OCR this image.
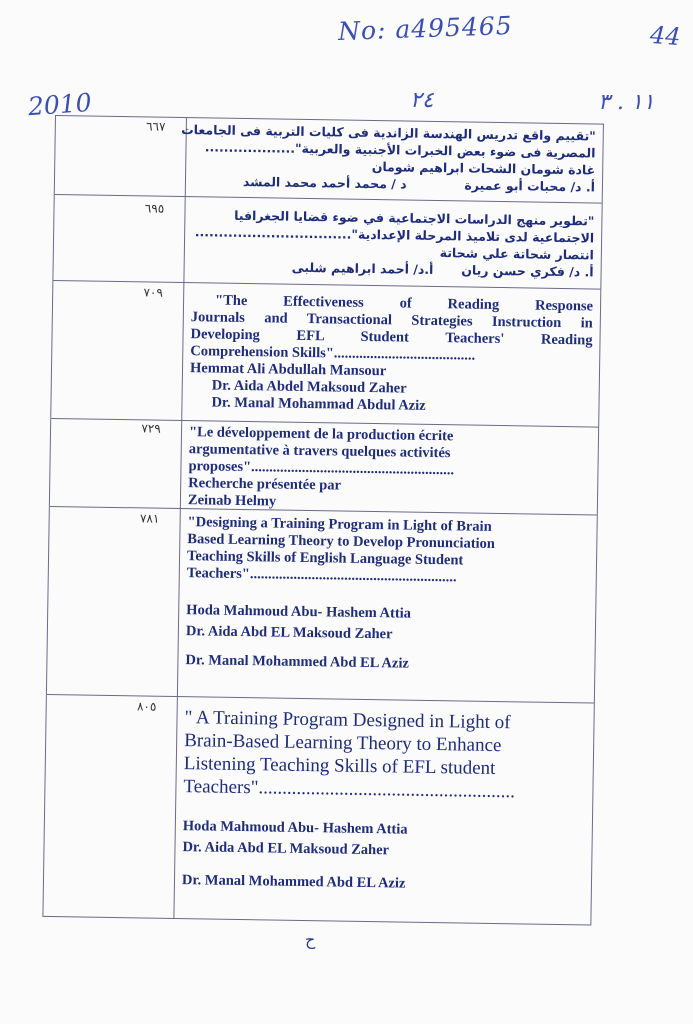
No: a495465	44
2010	٢٤	١١ . ٣
٦٦٧	"تقييم واقع تدريس الهندسة الزاندية فى كليات التربية فى الجامعات
المصرية فى ضوء بعض الخبرات الأجنبية والعربية"...................
غادة شومان الشحات ابراهيم شومان
أ. د/ محبات أبو عميرة
د / محمد أحمد محمد المشد
٦٩٥	"تطوير منهج الدراسات الاجتماعية في ضوء قضايا الجغرافيا
الاجتماعية لدى تلاميذ المرحلة الإعدادية".................................
انتصار شحاتة علي شحاتة
أ. د/ فكري حسن ريان
أ.د/ أحمد ابراهيم شلبى
٧٠٩	"The Effectiveness of Reading Response
Journals and Transactional Strategies Instruction in
Developing EFL Student Teachers' Reading
Comprehension Skills".......................................
Hemmat Ali Abdullah Mansour
Dr. Aida Abdel Maksoud Zaher
Dr. Manal Mohammad Abdul Aziz
٧٢٩	"Le développement de la production écrite
argumentative à travers quelques activités
proposes"........................................................
Recherche présentée par
Zeinab Helmy
٧٨١	"Designing a Training Program in Light of Brain
Based Learning Theory to Develop Pronunciation
Teaching Skills of English Language Student
Teachers".........................................................
Hoda Mahmoud Abu- Hashem Attia
Dr. Aida Abd EL Maksoud Zaher
Dr. Manal Mohammed Abd EL Aziz
٨٠٥
" A Training Program Designed in Light of
Brain-Based Learning Theory to Enhance
Listening Teaching Skills of EFL student
Teachers"......................................................
Hoda Mahmoud Abu- Hashem Attia
Dr. Aida Abd EL Maksoud Zaher
Dr. Manal Mohammed Abd EL Aziz
ح
